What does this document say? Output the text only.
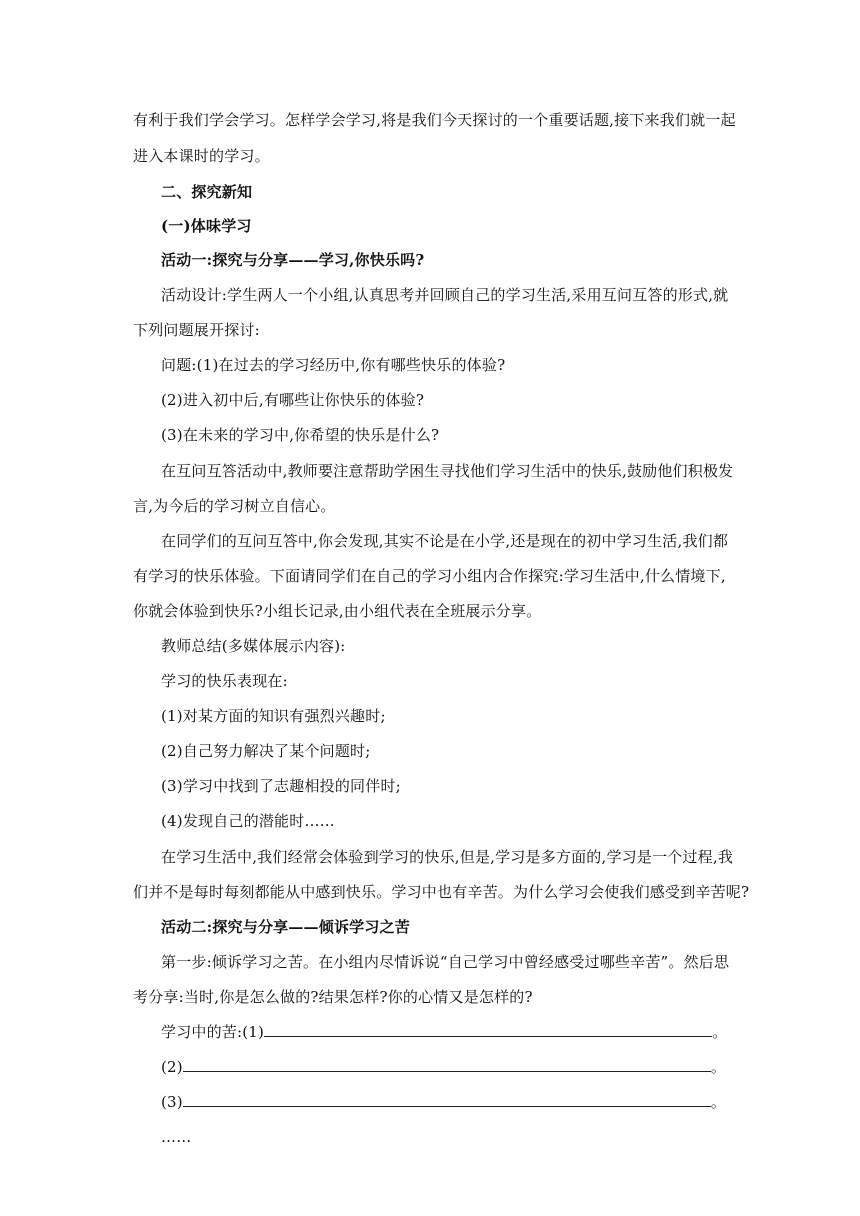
有利于我们学会学习。怎样学会学习,将是我们今天探讨的一个重要话题,接下来我们就一起
进入本课时的学习。
二、探究新知
(一)体味学习
活动一:探究与分享——学习,你快乐吗?
活动设计:学生两人一个小组,认真思考并回顾自己的学习生活,采用互问互答的形式,就
下列问题展开探讨:
问题:(1)在过去的学习经历中,你有哪些快乐的体验?
(2)进入初中后,有哪些让你快乐的体验?
(3)在未来的学习中,你希望的快乐是什么?
在互问互答活动中,教师要注意帮助学困生寻找他们学习生活中的快乐,鼓励他们积极发
言,为今后的学习树立自信心。
在同学们的互问互答中,你会发现,其实不论是在小学,还是现在的初中学习生活,我们都
有学习的快乐体验。下面请同学们在自己的学习小组内合作探究:学习生活中,什么情境下,
你就会体验到快乐?小组长记录,由小组代表在全班展示分享。
教师总结(多媒体展示内容):
学习的快乐表现在:
(1)对某方面的知识有强烈兴趣时;
(2)自己努力解决了某个问题时;
(3)学习中找到了志趣相投的同伴时;
(4)发现自己的潜能时……
在学习生活中,我们经常会体验到学习的快乐,但是,学习是多方面的,学习是一个过程,我
们并不是每时每刻都能从中感到快乐。学习中也有辛苦。为什么学习会使我们感受到辛苦呢?
活动二:探究与分享——倾诉学习之苦
第一步:倾诉学习之苦。在小组内尽情诉说“自己学习中曾经感受过哪些辛苦”。然后思
考分享:当时,你是怎么做的?结果怎样?你的心情又是怎样的?
学习中的苦:(1)	。
(2)	。
(3)	。
……
